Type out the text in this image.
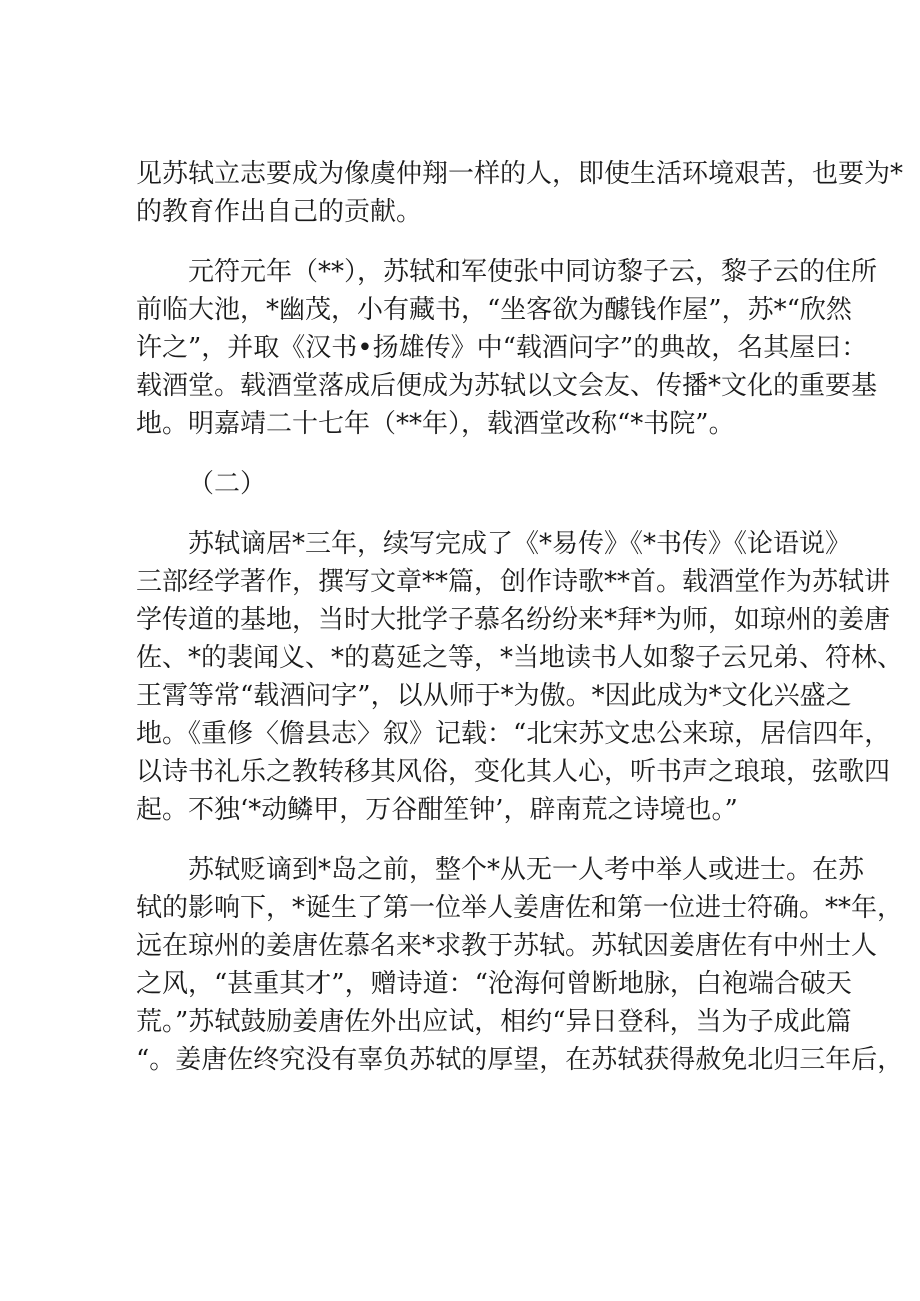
见苏轼立志要成为像虞仲翔一样的人，即使生活环境艰苦，也要为*
的教育作出自己的贡献。
元符元年（**），苏轼和军使张中同访黎子云，黎子云的住所
前临大池，*幽茂，小有藏书，“坐客欲为醵钱作屋”，苏*“欣然
许之”，并取《汉书•扬雄传》中“载酒问字”的典故，名其屋曰：
载酒堂。载酒堂落成后便成为苏轼以文会友、传播*文化的重要基
地。明嘉靖二十七年（**年），载酒堂改称“*书院”。
（二）
苏轼谪居*三年，续写完成了《*易传》《*书传》《论语说》
三部经学著作，撰写文章**篇，创作诗歌**首。载酒堂作为苏轼讲
学传道的基地，当时大批学子慕名纷纷来*拜*为师，如琼州的姜唐
佐、*的裴闻义、*的葛延之等，*当地读书人如黎子云兄弟、符林、
王霄等常“载酒问字”，以从师于*为傲。*因此成为*文化兴盛之
地。《重修〈儋县志〉叙》记载：“北宋苏文忠公来琼，居信四年，
以诗书礼乐之教转移其风俗，变化其人心，听书声之琅琅，弦歌四
起。不独‘*动鳞甲，万谷酣笙钟’，辟南荒之诗境也。”
苏轼贬谪到*岛之前，整个*从无一人考中举人或进士。在苏
轼的影响下，*诞生了第一位举人姜唐佐和第一位进士符确。**年，
远在琼州的姜唐佐慕名来*求教于苏轼。苏轼因姜唐佐有中州士人
之风，“甚重其才”，赠诗道：“沧海何曾断地脉，白袍端合破天
荒。”苏轼鼓励姜唐佐外出应试，相约“异日登科，当为子成此篇
“。姜唐佐终究没有辜负苏轼的厚望，在苏轼获得赦免北归三年后，
